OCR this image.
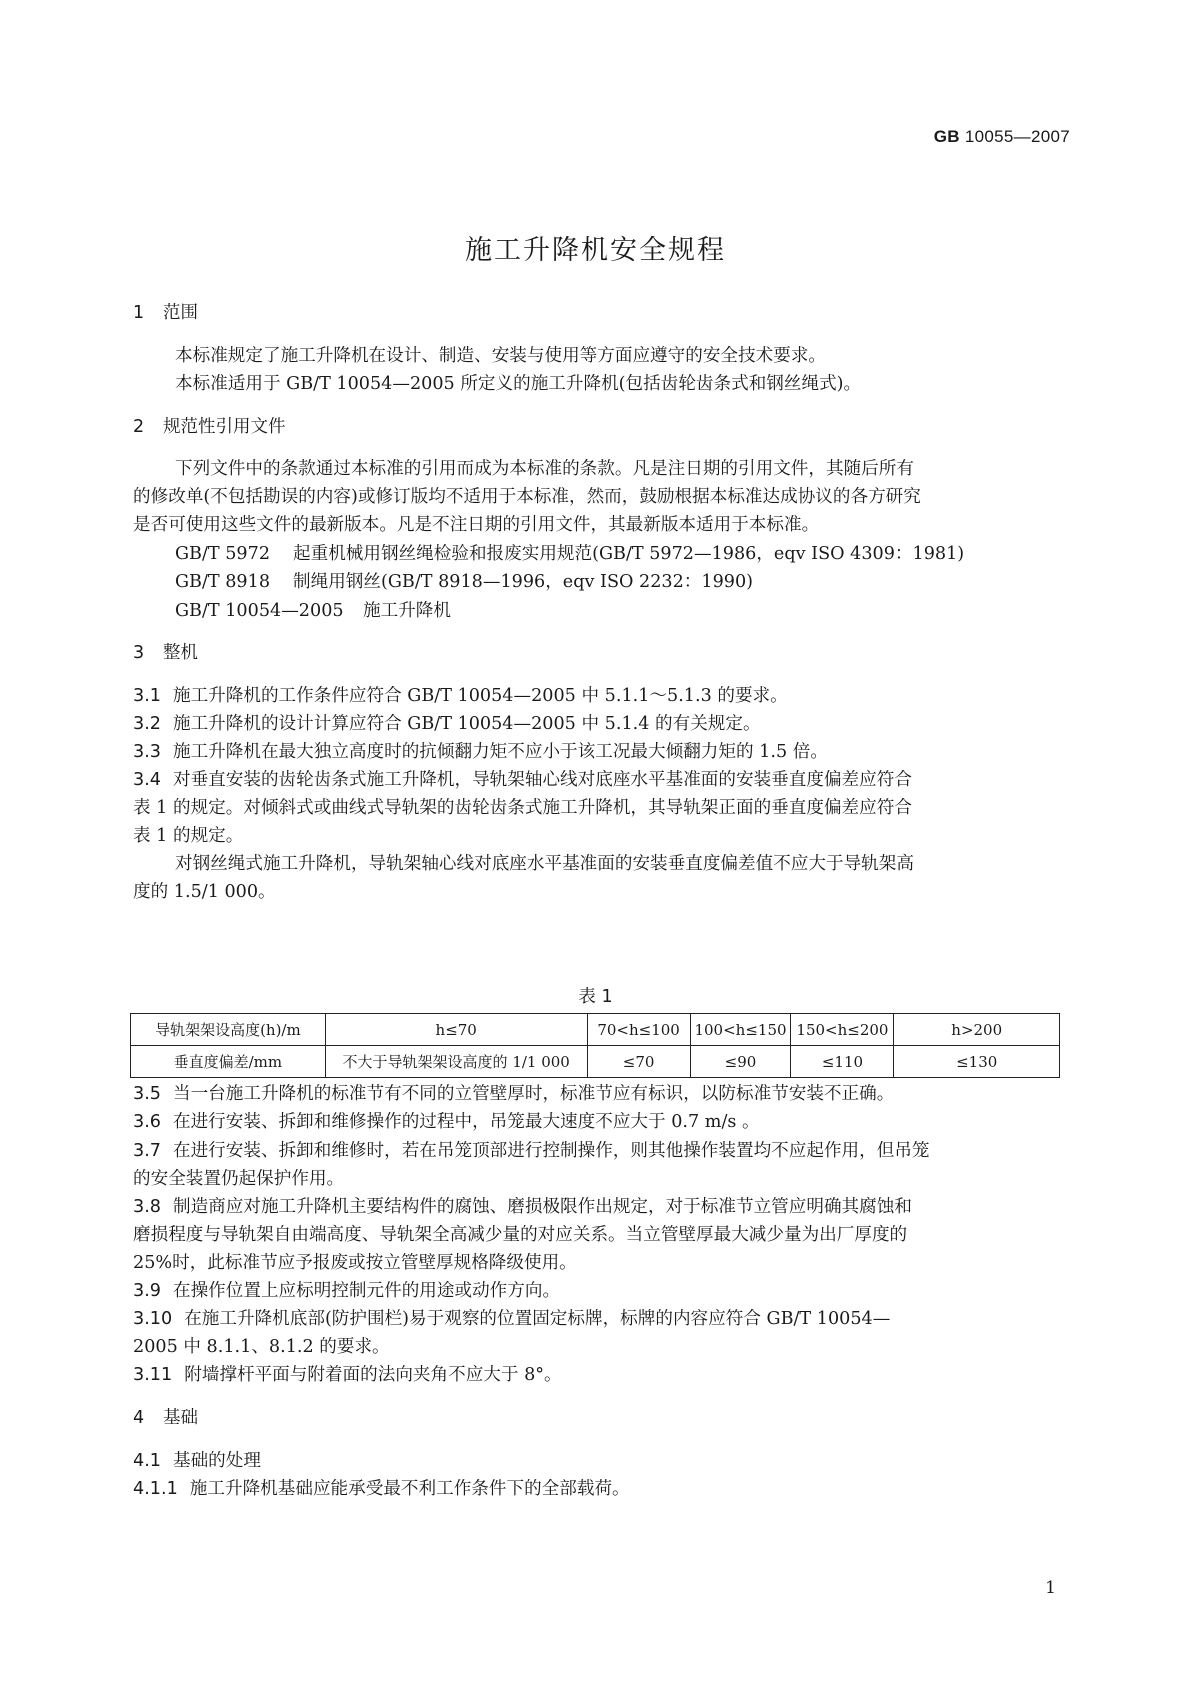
GB 10055—2007
施工升降机安全规程
1 范围
本标准规定了施工升降机在设计、制造、安装与使用等方面应遵守的安全技术要求。
本标准适用于 GB/T 10054—2005 所定义的施工升降机(包括齿轮齿条式和钢丝绳式)。
2 规范性引用文件
下列文件中的条款通过本标准的引用而成为本标准的条款。凡是注日期的引用文件，其随后所有
的修改单(不包括勘误的内容)或修订版均不适用于本标准，然而，鼓励根据本标准达成协议的各方研究
是否可使用这些文件的最新版本。凡是不注日期的引用文件，其最新版本适用于本标准。
GB/T 5972 起重机械用钢丝绳检验和报废实用规范(GB/T 5972—1986，eqv ISO 4309：1981)
GB/T 8918 制绳用钢丝(GB/T 8918—1996，eqv ISO 2232：1990)
GB/T 10054—2005 施工升降机
3 整机
3.1 施工升降机的工作条件应符合 GB/T 10054—2005 中 5.1.1～5.1.3 的要求。
3.2 施工升降机的设计计算应符合 GB/T 10054—2005 中 5.1.4 的有关规定。
3.3 施工升降机在最大独立高度时的抗倾翻力矩不应小于该工况最大倾翻力矩的 1.5 倍。
3.4 对垂直安装的齿轮齿条式施工升降机，导轨架轴心线对底座水平基准面的安装垂直度偏差应符合
表 1 的规定。对倾斜式或曲线式导轨架的齿轮齿条式施工升降机，其导轨架正面的垂直度偏差应符合
表 1 的规定。
对钢丝绳式施工升降机，导轨架轴心线对底座水平基准面的安装垂直度偏差值不应大于导轨架高
度的 1.5/1 000。
表 1
导轨架架设高度(h)/m	h≤70	70<h≤100	100<h≤150	150<h≤200	h>200
垂直度偏差/mm	不大于导轨架架设高度的 1/1 000	≤70	≤90	≤110	≤130
3.5 当一台施工升降机的标准节有不同的立管壁厚时，标准节应有标识，以防标准节安装不正确。
3.6 在进行安装、拆卸和维修操作的过程中，吊笼最大速度不应大于 0.7 m/s 。
3.7 在进行安装、拆卸和维修时，若在吊笼顶部进行控制操作，则其他操作装置均不应起作用，但吊笼
的安全装置仍起保护作用。
3.8 制造商应对施工升降机主要结构件的腐蚀、磨损极限作出规定，对于标准节立管应明确其腐蚀和
磨损程度与导轨架自由端高度、导轨架全高减少量的对应关系。当立管壁厚最大减少量为出厂厚度的
25%时，此标准节应予报废或按立管壁厚规格降级使用。
3.9 在操作位置上应标明控制元件的用途或动作方向。
3.10 在施工升降机底部(防护围栏)易于观察的位置固定标牌，标牌的内容应符合 GB/T 10054—
2005 中 8.1.1、8.1.2 的要求。
3.11 附墙撑杆平面与附着面的法向夹角不应大于 8°。
4 基础
4.1 基础的处理
4.1.1 施工升降机基础应能承受最不利工作条件下的全部载荷。
1
